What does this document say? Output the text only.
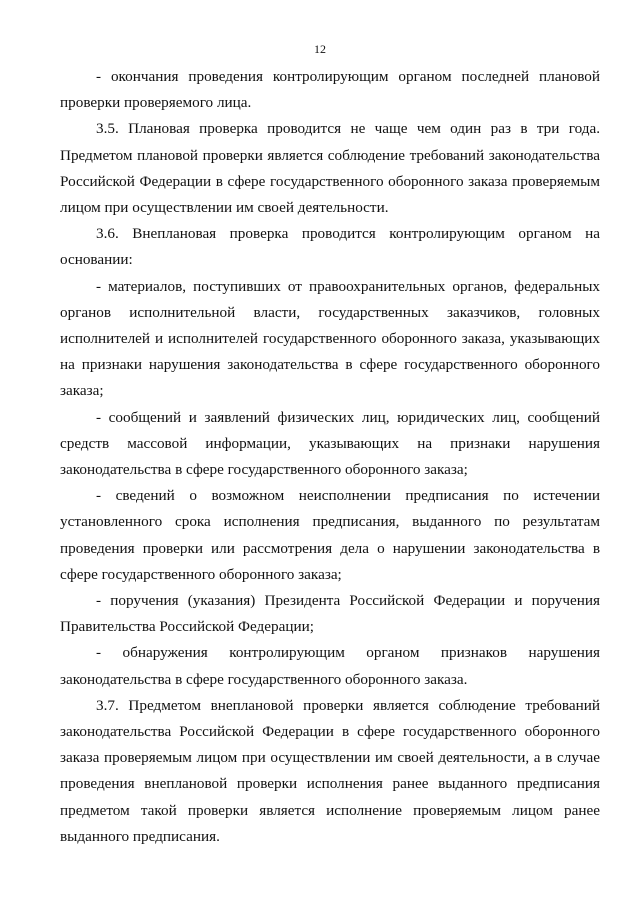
12

- окончания проведения контролирующим органом последней плановой проверки проверяемого лица.

3.5. Плановая проверка проводится не чаще чем один раз в три года. Предметом плановой проверки является соблюдение требований законодательства Российской Федерации в сфере государственного оборонного заказа проверяемым лицом при осуществлении им своей деятельности.

3.6. Внеплановая проверка проводится контролирующим органом на основании:

- материалов, поступивших от правоохранительных органов, федеральных органов исполнительной власти, государственных заказчиков, головных исполнителей и исполнителей государственного оборонного заказа, указывающих на признаки нарушения законодательства в сфере государственного оборонного заказа;

- сообщений и заявлений физических лиц, юридических лиц, сообщений средств массовой информации, указывающих на признаки нарушения законодательства в сфере государственного оборонного заказа;

- сведений о возможном неисполнении предписания по истечении установленного срока исполнения предписания, выданного по результатам проведения проверки или рассмотрения дела о нарушении законодательства в сфере государственного оборонного заказа;

- поручения (указания) Президента Российской Федерации и поручения Правительства Российской Федерации;

- обнаружения контролирующим органом признаков нарушения законодательства в сфере государственного оборонного заказа.

3.7. Предметом внеплановой проверки является соблюдение требований законодательства Российской Федерации в сфере государственного оборонного заказа проверяемым лицом при осуществлении им своей деятельности, а в случае проведения внеплановой проверки исполнения ранее выданного предписания предметом такой проверки является исполнение проверяемым лицом ранее выданного предписания.
